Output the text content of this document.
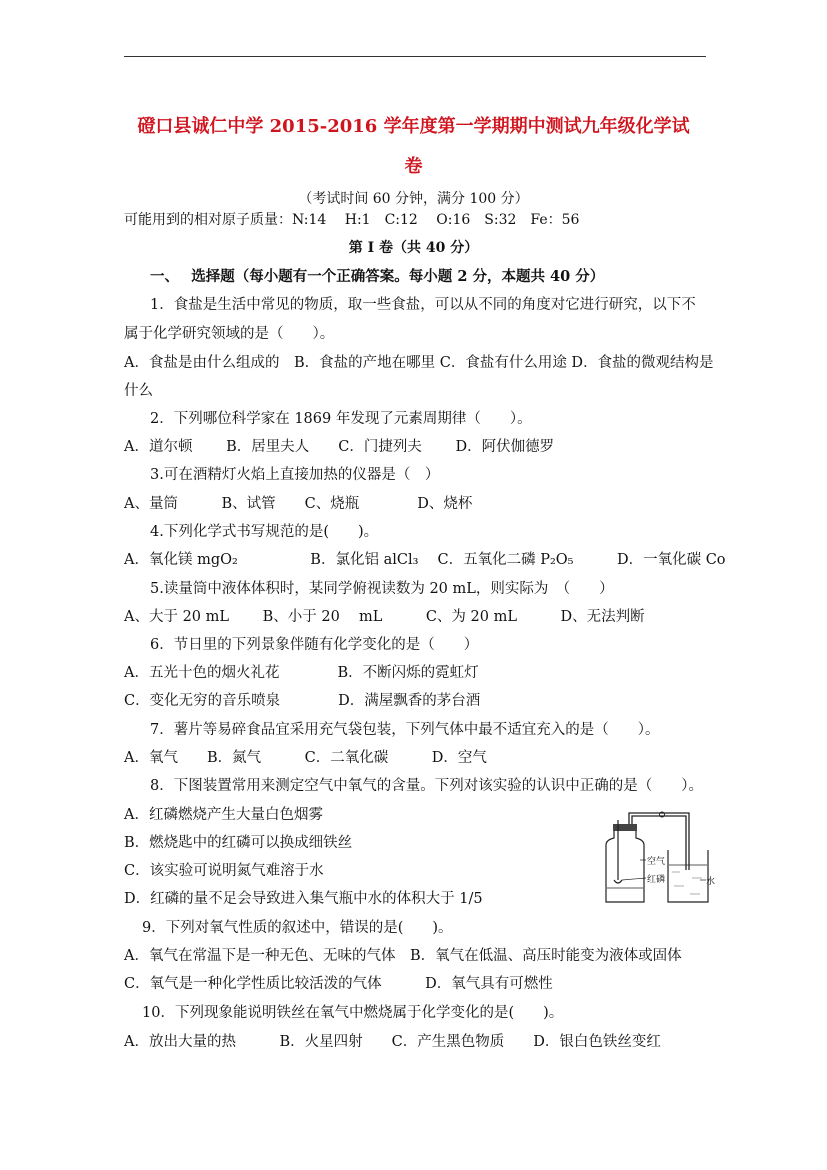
磴口县诚仁中学 2015-2016 学年度第一学期期中测试九年级化学试
卷
（考试时间 60 分钟，满分 100 分）
可能用到的相对原子质量：N:14　 H:1　C:12　 O:16　S:32　Fe：56
第 I 卷（共 40 分）
一、　 选择题（每小题有一个正确答案。每小题 2 分，本题共 40 分）
1．食盐是生活中常见的物质，取一些食盐，可以从不同的角度对它进行研究，以下不
属于化学研究领域的是（　　）。
A．食盐是由什么组成的　B．食盐的产地在哪里 C．食盐有什么用途 D．食盐的微观结构是
什么
2．下列哪位科学家在 1869 年发现了元素周期律（　　）。
A．道尔顿　　 B．居里夫人　　C．门捷列夫　　 D．阿伏伽德罗
3.可在酒精灯火焰上直接加热的仪器是（　）
A、量筒　　　B、试管　　C、烧瓶　　　　D、烧杯
4.下列化学式书写规范的是(　　)。
A．氧化镁 mgO₂　　　　　B．氯化铝 alCl₃　 C．五氧化二磷 P₂O₅　　　D．一氧化碳 Co
5.读量筒中液体体积时，某同学俯视读数为 20 mL，则实际为　（　　）
A、大于 20 mL　　 B、小于 20　 mL　　　C、为 20 mL　　　D、无法判断
6．节日里的下列景象伴随有化学变化的是（　　）
A．五光十色的烟火礼花　　　　B．不断闪烁的霓虹灯
C．变化无穷的音乐喷泉　　　　D．满屋飘香的茅台酒
7．薯片等易碎食品宜采用充气袋包装，下列气体中最不适宜充入的是（　　）。
A．氧气　　B．氮气　　　C．二氧化碳　　　D．空气
8．下图装置常用来测定空气中氧气的含量。下列对该实验的认识中正确的是（　　）。
A．红磷燃烧产生大量白色烟雾
B．燃烧匙中的红磷可以换成细铁丝
C．该实验可说明氮气难溶于水
D．红磷的量不足会导致进入集气瓶中水的体积大于 1/5
9．下列对氧气性质的叙述中，错误的是(　　)。
A．氧气在常温下是一种无色、无味的气体　B．氧气在低温、高压时能变为液体或固体
C．氧气是一种化学性质比较活泼的气体　　　D．氧气具有可燃性
10．下列现象能说明铁丝在氧气中燃烧属于化学变化的是(　　)。
A．放出大量的热　　　B．火星四射　　C．产生黑色物质　　D．银白色铁丝变红
空气
红磷	水
